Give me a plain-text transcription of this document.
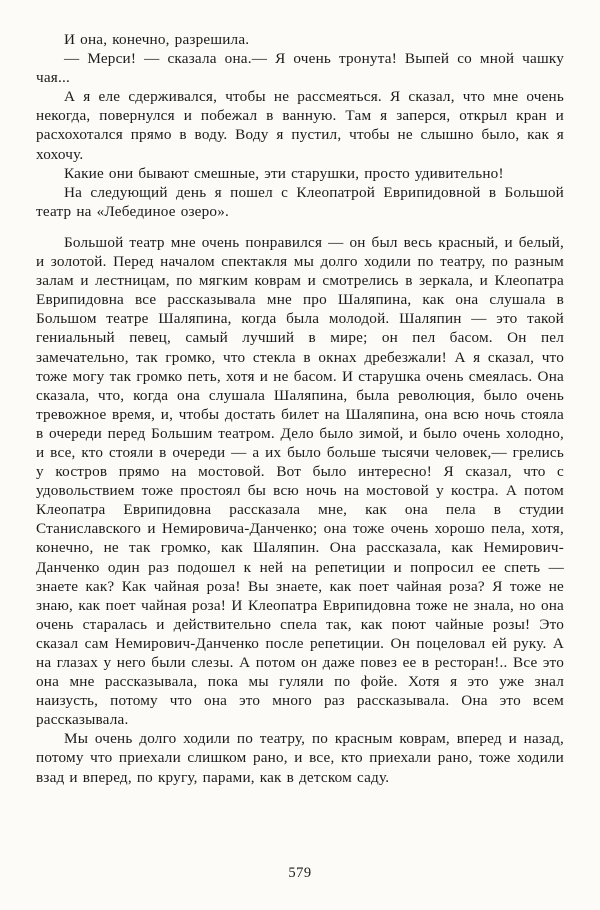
И она, конечно, разрешила.

— Мерси! — сказала она.— Я очень тронута! Выпей со мной чашку чая...

А я еле сдерживался, чтобы не рассмеяться. Я сказал, что мне очень некогда, повернулся и побежал в ванную. Там я заперся, открыл кран и расхохотался прямо в воду. Воду я пустил, чтобы не слышно было, как я хохочу.

Какие они бывают смешные, эти старушки, просто удивительно!

На следующий день я пошел с Клеопатрой Еврипидовной в Большой театр на «Лебединое озеро».

Большой театр мне очень понравился — он был весь красный, и белый, и золотой. Перед началом спектакля мы долго ходили по театру, по разным залам и лестницам, по мягким коврам и смотрелись в зеркала, и Клеопатра Еврипидовна все рассказывала мне про Шаляпина, как она слушала в Большом театре Шаляпина, когда была молодой. Шаляпин — это такой гениальный певец, самый лучший в мире; он пел басом. Он пел замечательно, так громко, что стекла в окнах дребезжали! А я сказал, что тоже могу так громко петь, хотя и не басом. И старушка очень смеялась. Она сказала, что, когда она слушала Шаляпина, была революция, было очень тревожное время, и, чтобы достать билет на Шаляпина, она всю ночь стояла в очереди перед Большим театром. Дело было зимой, и было очень холодно, и все, кто стояли в очереди — а их было больше тысячи человек,— грелись у костров прямо на мостовой. Вот было интересно! Я сказал, что с удовольствием тоже простоял бы всю ночь на мостовой у костра. А потом Клеопатра Еврипидовна рассказала мне, как она пела в студии Станиславского и Немировича-Данченко; она тоже очень хорошо пела, хотя, конечно, не так громко, как Шаляпин. Она рассказала, как Немирович-Данченко один раз подошел к ней на репетиции и попросил ее спеть — знаете как? Как чайная роза! Вы знаете, как поет чайная роза? Я тоже не знаю, как поет чайная роза! И Клеопатра Еврипидовна тоже не знала, но она очень старалась и действительно спела так, как поют чайные розы! Это сказал сам Немирович-Данченко после репетиции. Он поцеловал ей руку. А на глазах у него были слезы. А потом он даже повез ее в ресторан!.. Все это она мне рассказывала, пока мы гуляли по фойе. Хотя я это уже знал наизусть, потому что она это много раз рассказывала. Она это всем рассказывала.

Мы очень долго ходили по театру, по красным коврам, вперед и назад, потому что приехали слишком рано, и все, кто приехали рано, тоже ходили взад и вперед, по кругу, парами, как в детском саду.

579
